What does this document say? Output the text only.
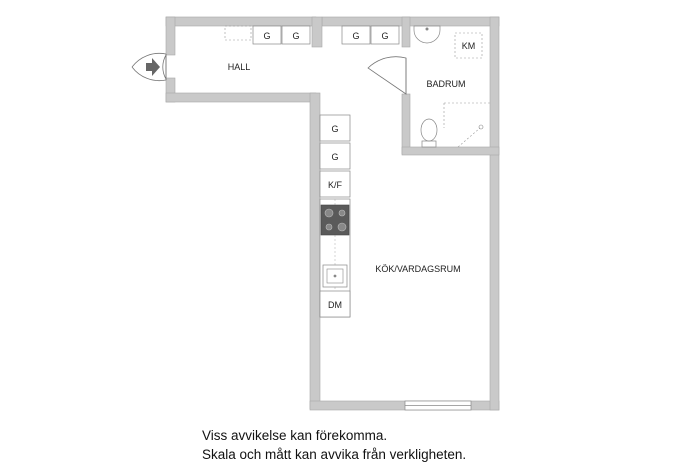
G G	G G
KM
G
G
K/F
DM
HALL
BADRUM
KÖK/VARDAGSRUM
Viss avvikelse kan förekomma.
Skala och mått kan avvika från verkligheten.
